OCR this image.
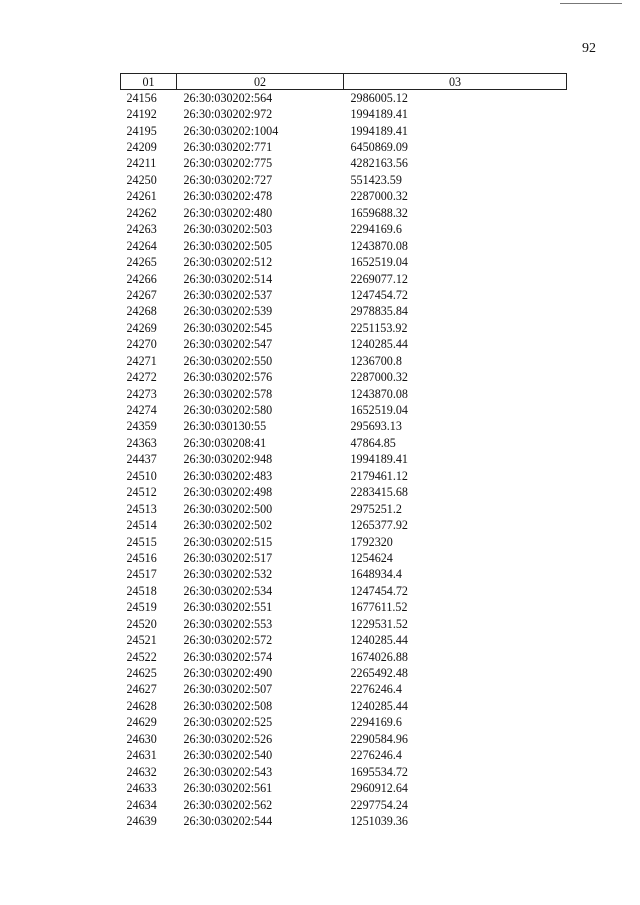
92
01	02	03
24156	26:30:030202:564	2986005.12
24192	26:30:030202:972	1994189.41
24195	26:30:030202:1004	1994189.41
24209	26:30:030202:771	6450869.09
24211	26:30:030202:775	4282163.56
24250	26:30:030202:727	551423.59
24261	26:30:030202:478	2287000.32
24262	26:30:030202:480	1659688.32
24263	26:30:030202:503	2294169.6
24264	26:30:030202:505	1243870.08
24265	26:30:030202:512	1652519.04
24266	26:30:030202:514	2269077.12
24267	26:30:030202:537	1247454.72
24268	26:30:030202:539	2978835.84
24269	26:30:030202:545	2251153.92
24270	26:30:030202:547	1240285.44
24271	26:30:030202:550	1236700.8
24272	26:30:030202:576	2287000.32
24273	26:30:030202:578	1243870.08
24274	26:30:030202:580	1652519.04
24359	26:30:030130:55	295693.13
24363	26:30:030208:41	47864.85
24437	26:30:030202:948	1994189.41
24510	26:30:030202:483	2179461.12
24512	26:30:030202:498	2283415.68
24513	26:30:030202:500	2975251.2
24514	26:30:030202:502	1265377.92
24515	26:30:030202:515	1792320
24516	26:30:030202:517	1254624
24517	26:30:030202:532	1648934.4
24518	26:30:030202:534	1247454.72
24519	26:30:030202:551	1677611.52
24520	26:30:030202:553	1229531.52
24521	26:30:030202:572	1240285.44
24522	26:30:030202:574	1674026.88
24625	26:30:030202:490	2265492.48
24627	26:30:030202:507	2276246.4
24628	26:30:030202:508	1240285.44
24629	26:30:030202:525	2294169.6
24630	26:30:030202:526	2290584.96
24631	26:30:030202:540	2276246.4
24632	26:30:030202:543	1695534.72
24633	26:30:030202:561	2960912.64
24634	26:30:030202:562	2297754.24
24639	26:30:030202:544	1251039.36
